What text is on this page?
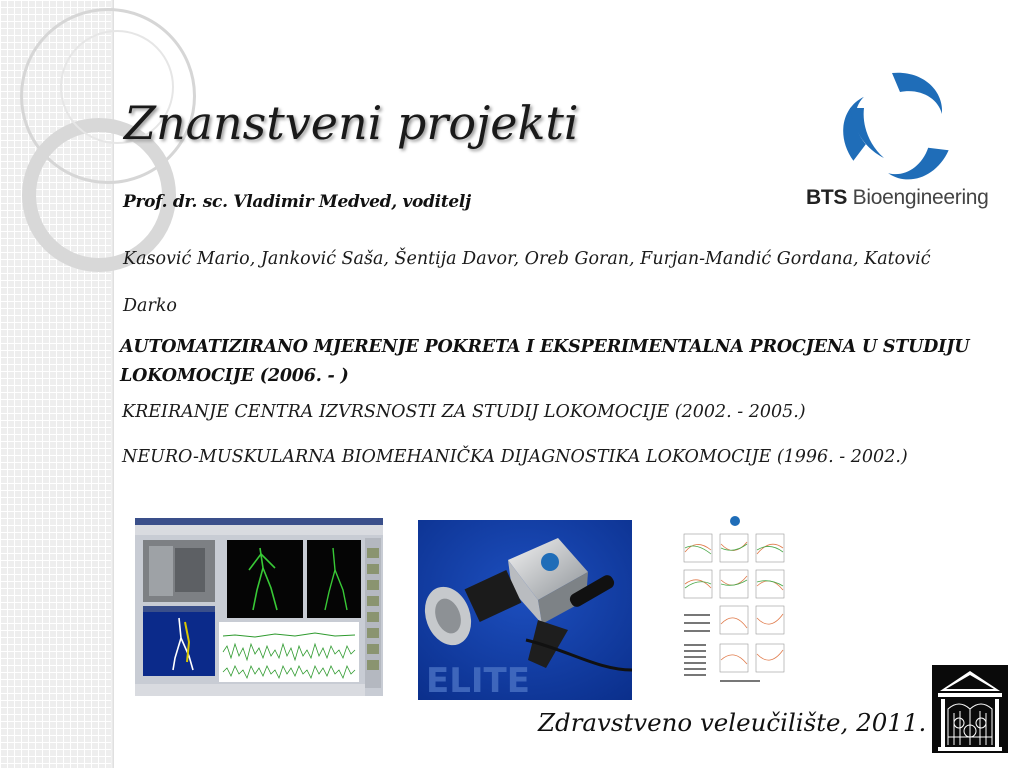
Znanstveni projekti
Prof. dr. sc. Vladimir Medved, voditelj
Kasović Mario, Janković Saša, Šentija Davor, Oreb Goran, Furjan-Mandić Gordana, Katović Darko
AUTOMATIZIRANO MJERENJE POKRETA I EKSPERIMENTALNA PROCJENA U STUDIJU LOKOMOCIJE (2006. - )
KREIRANJE CENTRA IZVRSNOSTI ZA STUDIJ LOKOMOCIJE (2002. - 2005.)
NEURO-MUSKULARNA BIOMEHANIČKA DIJAGNOSTIKA LOKOMOCIJE (1996. - 2002.)
BTS Bioengineering
ELITE
Zdravstveno veleučilište, 2011.
